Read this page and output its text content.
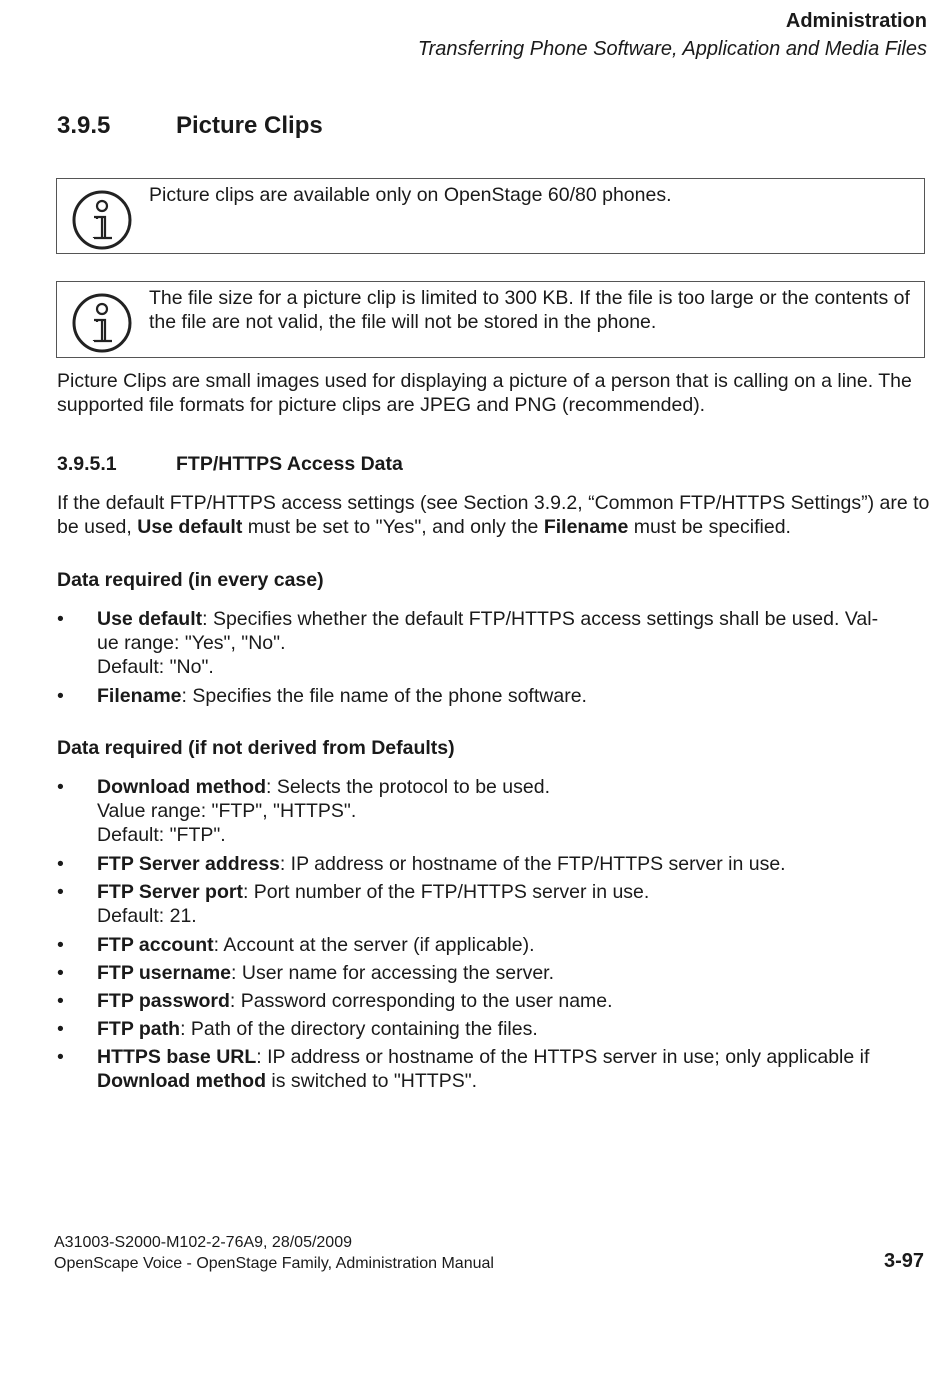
Administration
Transferring Phone Software, Application and Media Files
3.9.5	Picture Clips
Picture clips are available only on OpenStage 60/80 phones.
The file size for a picture clip is limited to 300 KB. If the file is too large or the contents of the file are not valid, the file will not be stored in the phone.
Picture Clips are small images used for displaying a picture of a person that is calling on a line. The supported file formats for picture clips are JPEG and PNG (recommended).
3.9.5.1	FTP/HTTPS Access Data
If the default FTP/HTTPS access settings (see Section 3.9.2, “Common FTP/HTTPS Settings”) are to be used, Use default must be set to "Yes", and only the Filename must be specified.
Data required (in every case)
• Use default: Specifies whether the default FTP/HTTPS access settings shall be used. Val-
ue range: "Yes", "No".
Default: "No".
• Filename: Specifies the file name of the phone software.
Data required (if not derived from Defaults)
• Download method: Selects the protocol to be used.
Value range: "FTP", "HTTPS".
Default: "FTP".
• FTP Server address: IP address or hostname of the FTP/HTTPS server in use.
• FTP Server port: Port number of the FTP/HTTPS server in use.
Default: 21.
• FTP account: Account at the server (if applicable).
• FTP username: User name for accessing the server.
• FTP password: Password corresponding to the user name.
• FTP path: Path of the directory containing the files.
• HTTPS base URL: IP address or hostname of the HTTPS server in use; only applicable if
Download method is switched to "HTTPS".
A31003-S2000-M102-2-76A9, 28/05/2009
OpenScape Voice - OpenStage Family, Administration Manual	3-97
